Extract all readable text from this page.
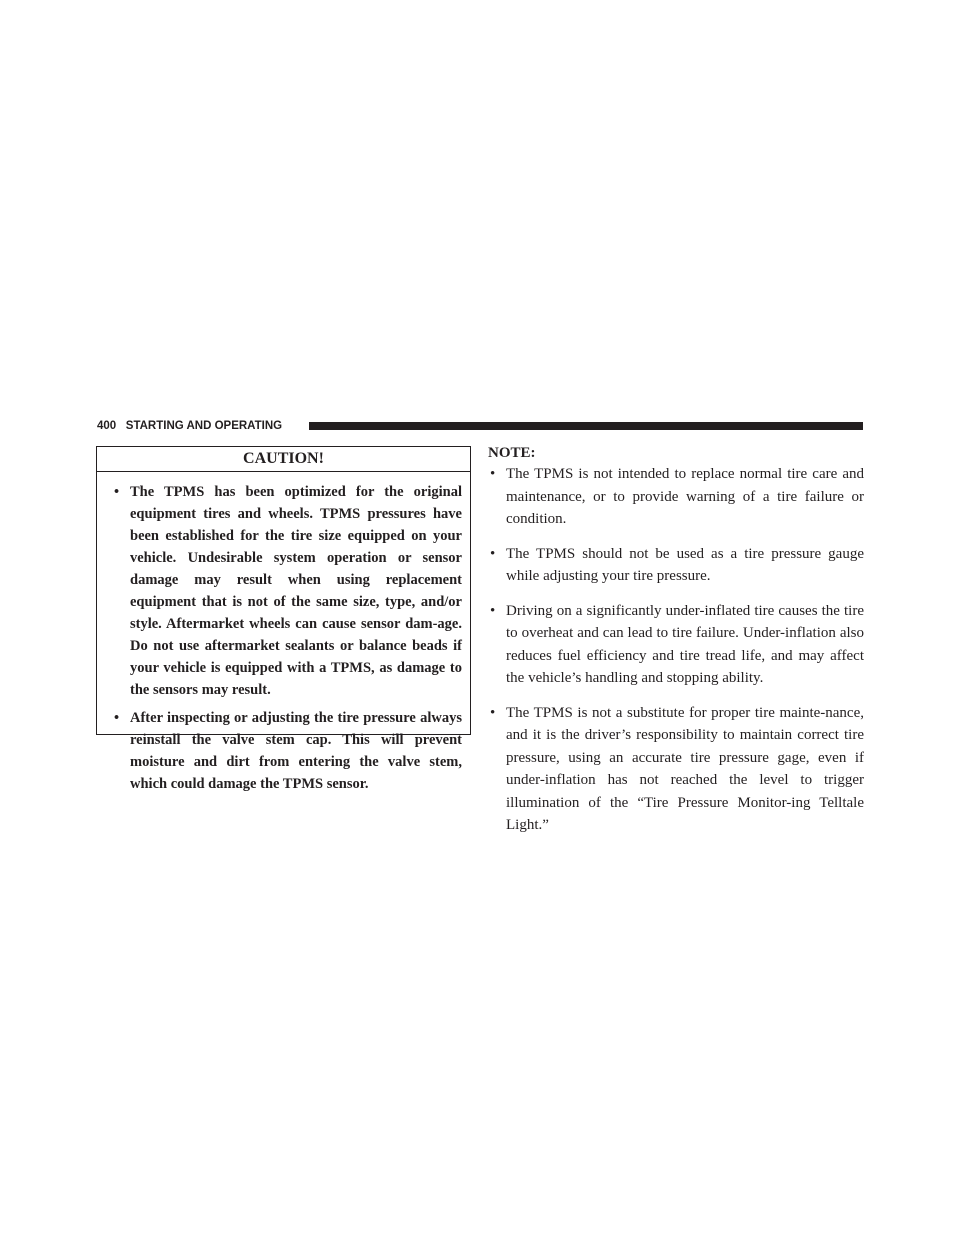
400 STARTING AND OPERATING
CAUTION!
• The TPMS has been optimized for the original equipment tires and wheels. TPMS pressures have been established for the tire size equipped on your vehicle. Undesirable system operation or sensor damage may result when using replacement equipment that is not of the same size, type, and/or style. Aftermarket wheels can cause sensor dam-age. Do not use aftermarket sealants or balance beads if your vehicle is equipped with a TPMS, as damage to the sensors may result.
• After inspecting or adjusting the tire pressure always reinstall the valve stem cap. This will prevent moisture and dirt from entering the valve stem, which could damage the TPMS sensor.
NOTE:
• The TPMS is not intended to replace normal tire care and maintenance, or to provide warning of a tire failure or condition.
• The TPMS should not be used as a tire pressure gauge while adjusting your tire pressure.
• Driving on a significantly under-inflated tire causes the tire to overheat and can lead to tire failure. Under-inflation also reduces fuel efficiency and tire tread life, and may affect the vehicle’s handling and stopping ability.
• The TPMS is not a substitute for proper tire mainte-nance, and it is the driver’s responsibility to maintain correct tire pressure, using an accurate tire pressure gage, even if under-inflation has not reached the level to trigger illumination of the “Tire Pressure Monitor-ing Telltale Light.”
